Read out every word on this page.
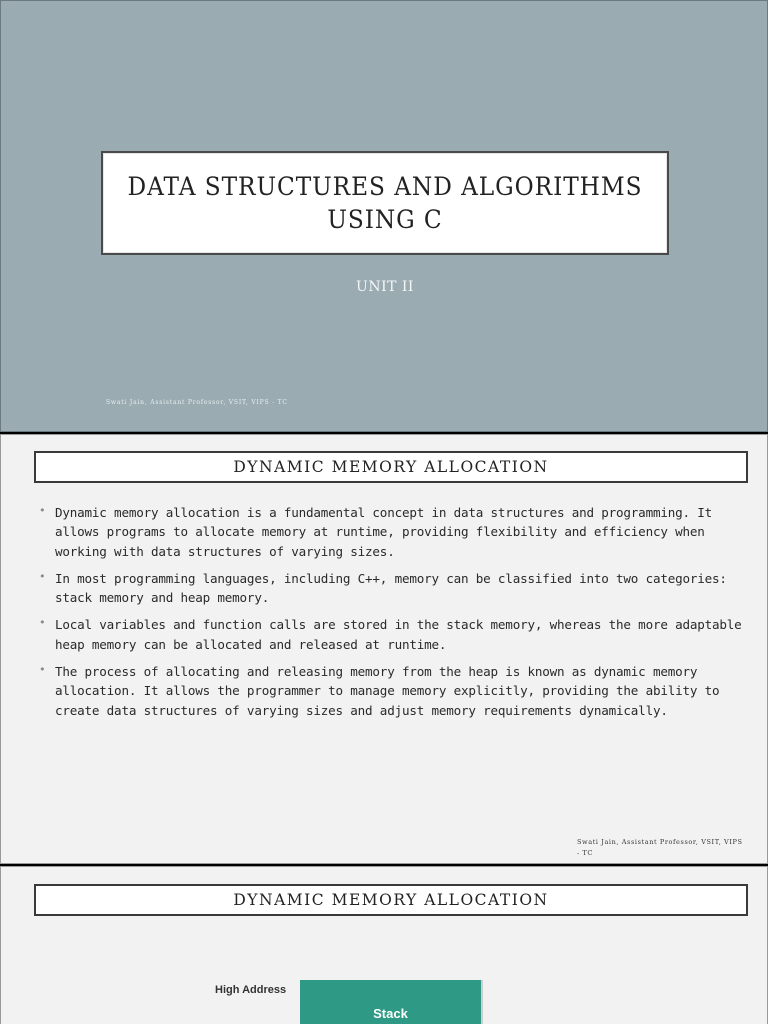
DATA STRUCTURES AND ALGORITHMS USING C
UNIT II
Swati Jain, Assistant Professor, VSIT, VIPS - TC
DYNAMIC MEMORY ALLOCATION
• Dynamic memory allocation is a fundamental concept in data structures and programming. It allows programs to allocate memory at runtime, providing flexibility and efficiency when working with data structures of varying sizes.
• In most programming languages, including C++, memory can be classified into two categories: stack memory and heap memory.
• Local variables and function calls are stored in the stack memory, whereas the more adaptable heap memory can be allocated and released at runtime.
• The process of allocating and releasing memory from the heap is known as dynamic memory allocation. It allows the programmer to manage memory explicitly, providing the ability to create data structures of varying sizes and adjust memory requirements dynamically.
Swati Jain, Assistant Professor, VSIT, VIPS - TC
DYNAMIC MEMORY ALLOCATION
High Address
Stack
